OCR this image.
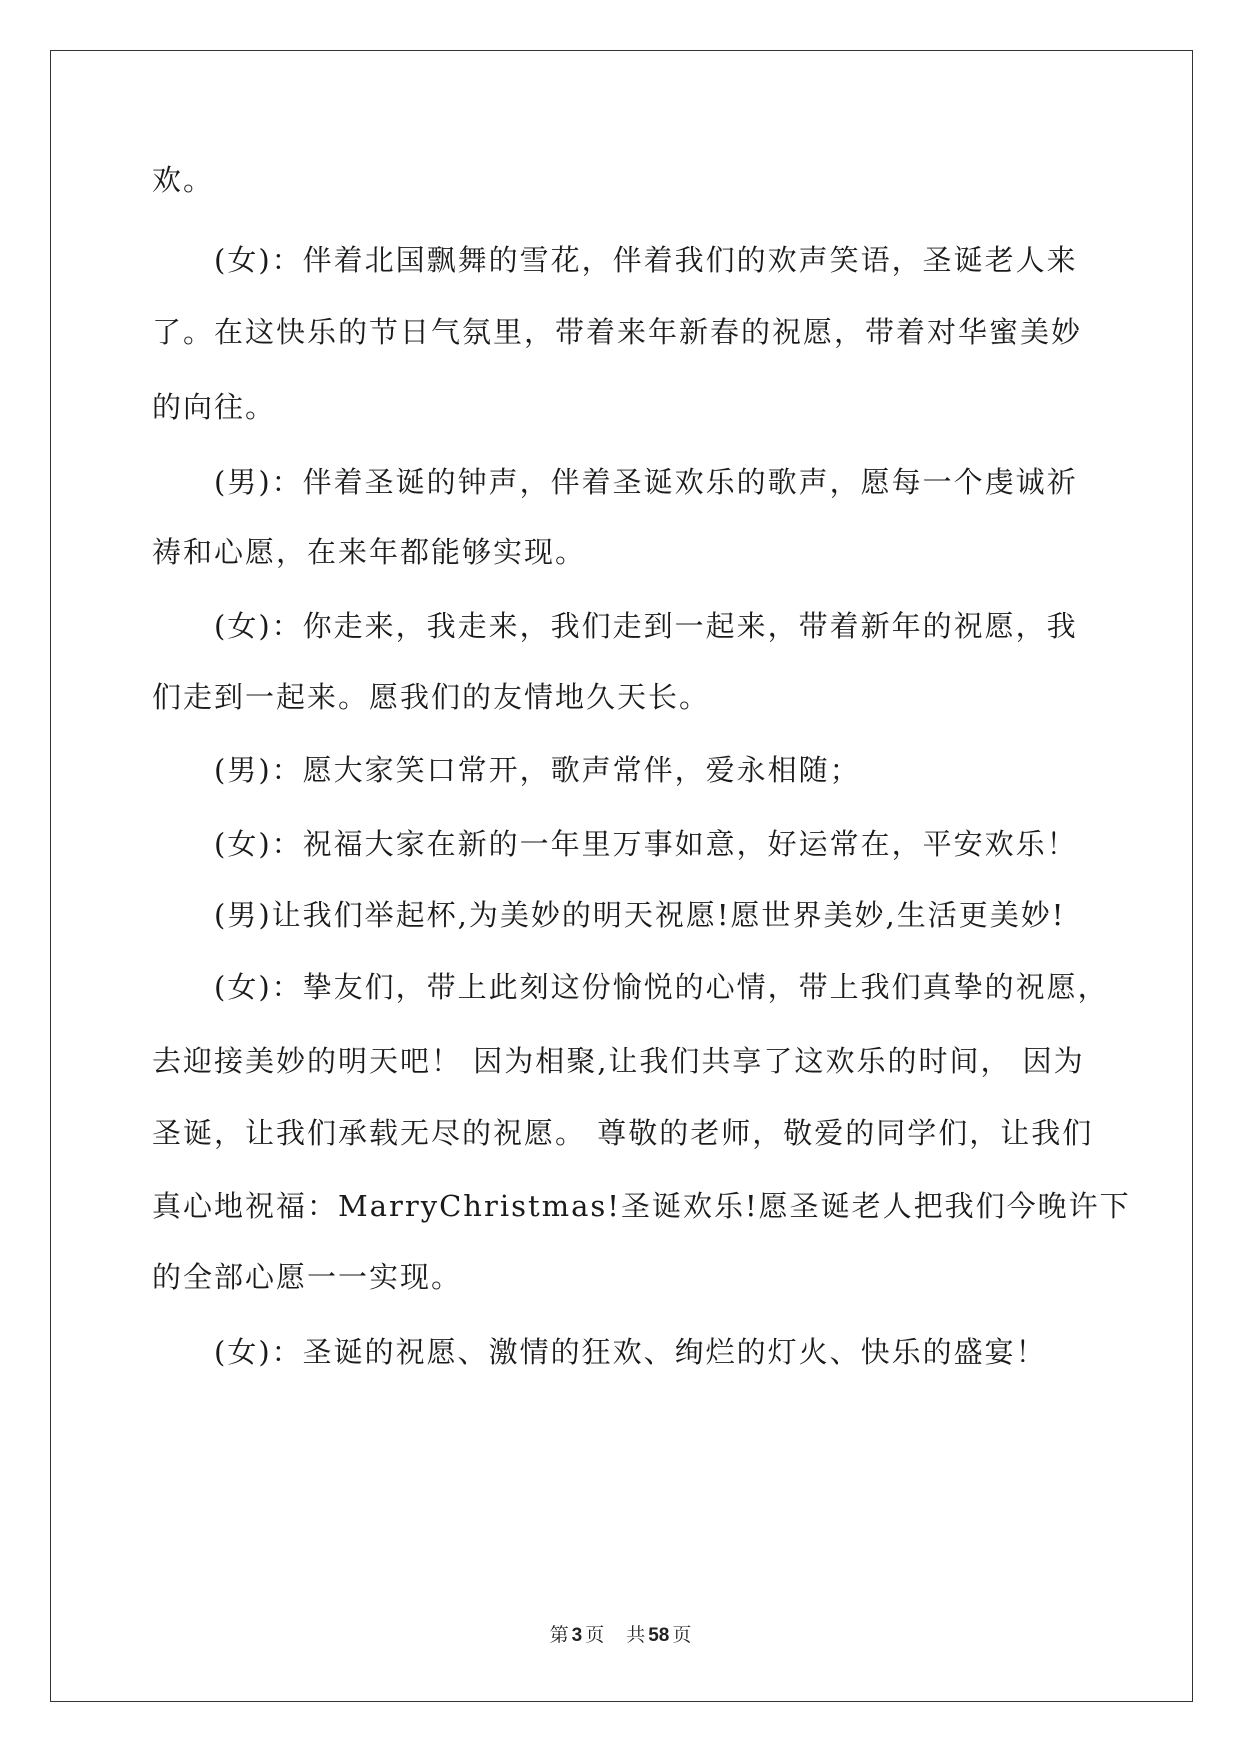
欢。
　　(女)：伴着北国飘舞的雪花，伴着我们的欢声笑语，圣诞老人来
了。在这快乐的节日气氛里，带着来年新春的祝愿，带着对华蜜美妙
的向往。
　　(男)：伴着圣诞的钟声，伴着圣诞欢乐的歌声，愿每一个虔诚祈
祷和心愿，在来年都能够实现。
　　(女)：你走来，我走来，我们走到一起来，带着新年的祝愿，我
们走到一起来。愿我们的友情地久天长。
　　(男)：愿大家笑口常开，歌声常伴，爱永相随；
　　(女)：祝福大家在新的一年里万事如意，好运常在，平安欢乐！
　　(男)让我们举起杯,为美妙的明天祝愿!愿世界美妙,生活更美妙!
　　(女)：挚友们，带上此刻这份愉悦的心情，带上我们真挚的祝愿，
去迎接美妙的明天吧！ 因为相聚,让我们共享了这欢乐的时间， 因为
圣诞，让我们承载无尽的祝愿。 尊敬的老师，敬爱的同学们，让我们
真心地祝福：MarryChristmas!圣诞欢乐!愿圣诞老人把我们今晚许下
的全部心愿一一实现。
　　(女)：圣诞的祝愿、激情的狂欢、绚烂的灯火、快乐的盛宴！
第 3 页 共 58 页
